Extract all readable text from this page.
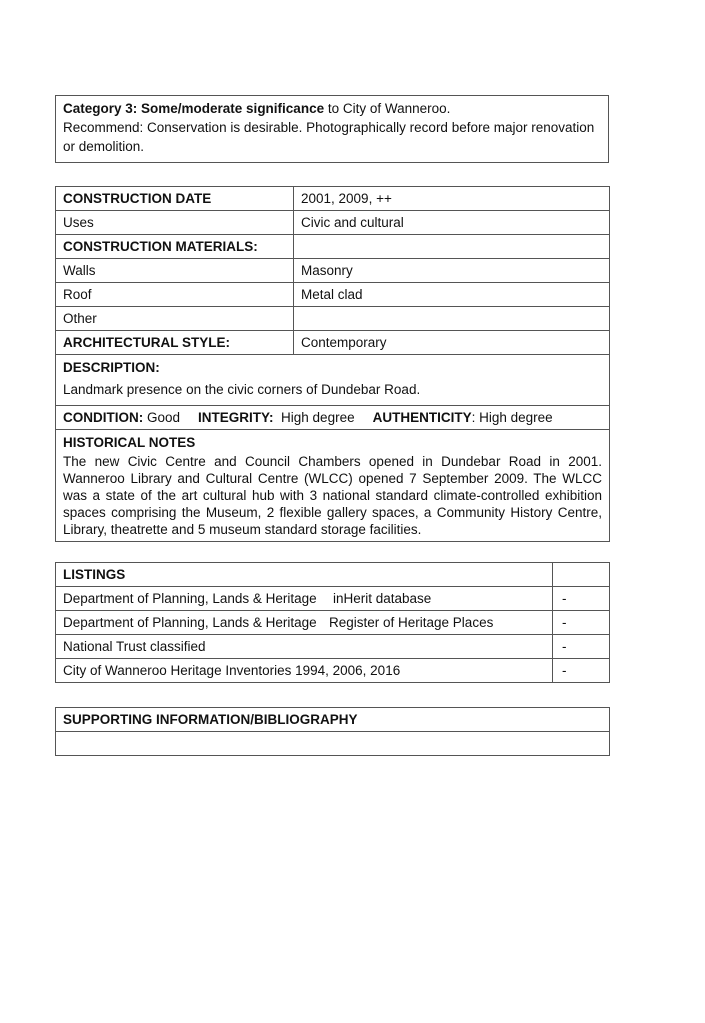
Category 3: Some/moderate significance to City of Wanneroo.

Recommend: Conservation is desirable. Photographically record before major renovation or demolition.

CONSTRUCTION DATE	2001, 2009, ++
Uses	Civic and cultural
CONSTRUCTION MATERIALS:	
Walls	Masonry
Roof	Metal clad
Other	
ARCHITECTURAL STYLE:	Contemporary

DESCRIPTION:
Landmark presence on the civic corners of Dundebar Road.	

CONDITION: Good INTEGRITY:  High degree AUTHENTICITY: High degree	

HISTORICAL NOTES
The new Civic Centre and Council Chambers opened in Dundebar Road in 2001. Wanneroo Library and Cultural Centre (WLCC) opened 7 September 2009. The WLCC was a state of the art cultural hub with 3 national standard climate-controlled exhibition spaces comprising the Museum, 2 flexible gallery spaces, a Community History Centre, Library, theatrette and 5 museum standard storage facilities.	
LISTINGS	
Department of Planning, Lands & Heritage inHerit database	-
Department of Planning, Lands & Heritage Register of Heritage Places	-
National Trust classified	-
City of Wanneroo Heritage Inventories 1994, 2006, 2016	-
SUPPORTING INFORMATION/BIBLIOGRAPHY
